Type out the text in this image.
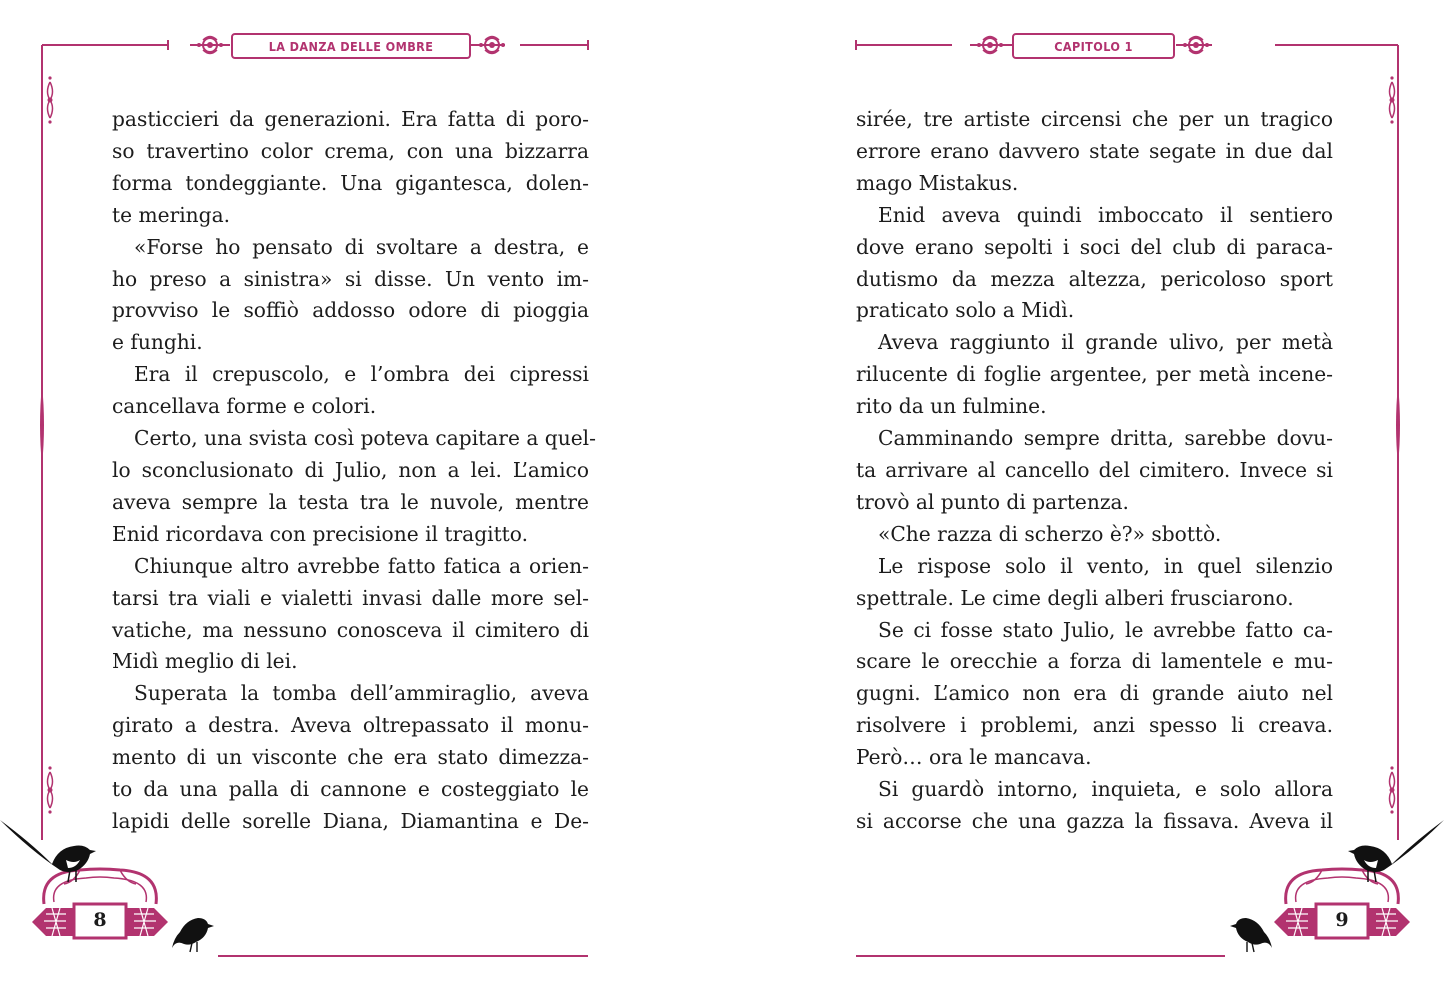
LA DANZA DELLE OMBRE
pasticcieri da generazioni. Era fatta di poro-
so travertino color crema, con una bizzarra
forma tondeggiante. Una gigantesca, dolen-
te meringa.
«Forse ho pensato di svoltare a destra, e
ho preso a sinistra» si disse. Un vento im-
provviso le soffiò addosso odore di pioggia
e funghi.
Era il crepuscolo, e l’ombra dei cipressi
cancellava forme e colori.
Certo, una svista così poteva capitare a quel-
lo sconclusionato di Julio, non a lei. L’amico
aveva sempre la testa tra le nuvole, mentre
Enid ricordava con precisione il tragitto.
Chiunque altro avrebbe fatto fatica a orien-
tarsi tra viali e vialetti invasi dalle more sel-
vatiche, ma nessuno conosceva il cimitero di
Midì meglio di lei.
Superata la tomba dell’ammiraglio, aveva
girato a destra. Aveva oltrepassato il monu-
mento di un visconte che era stato dimezza-
to da una palla di cannone e costeggiato le
lapidi delle sorelle Diana, Diamantina e De-
8
CAPITOLO 1
sirée, tre artiste circensi che per un tragico
errore erano davvero state segate in due dal
mago Mistakus.
Enid aveva quindi imboccato il sentiero
dove erano sepolti i soci del club di paraca-
dutismo da mezza altezza, pericoloso sport
praticato solo a Midì.
Aveva raggiunto il grande ulivo, per metà
rilucente di foglie argentee, per metà incene-
rito da un fulmine.
Camminando sempre dritta, sarebbe dovu-
ta arrivare al cancello del cimitero. Invece si
trovò al punto di partenza.
«Che razza di scherzo è?» sbottò.
Le rispose solo il vento, in quel silenzio
spettrale. Le cime degli alberi frusciarono.
Se ci fosse stato Julio, le avrebbe fatto ca-
scare le orecchie a forza di lamentele e mu-
gugni. L’amico non era di grande aiuto nel
risolvere i problemi, anzi spesso li creava.
Però… ora le mancava.
Si guardò intorno, inquieta, e solo allora
si accorse che una gazza la fissava. Aveva il
9
